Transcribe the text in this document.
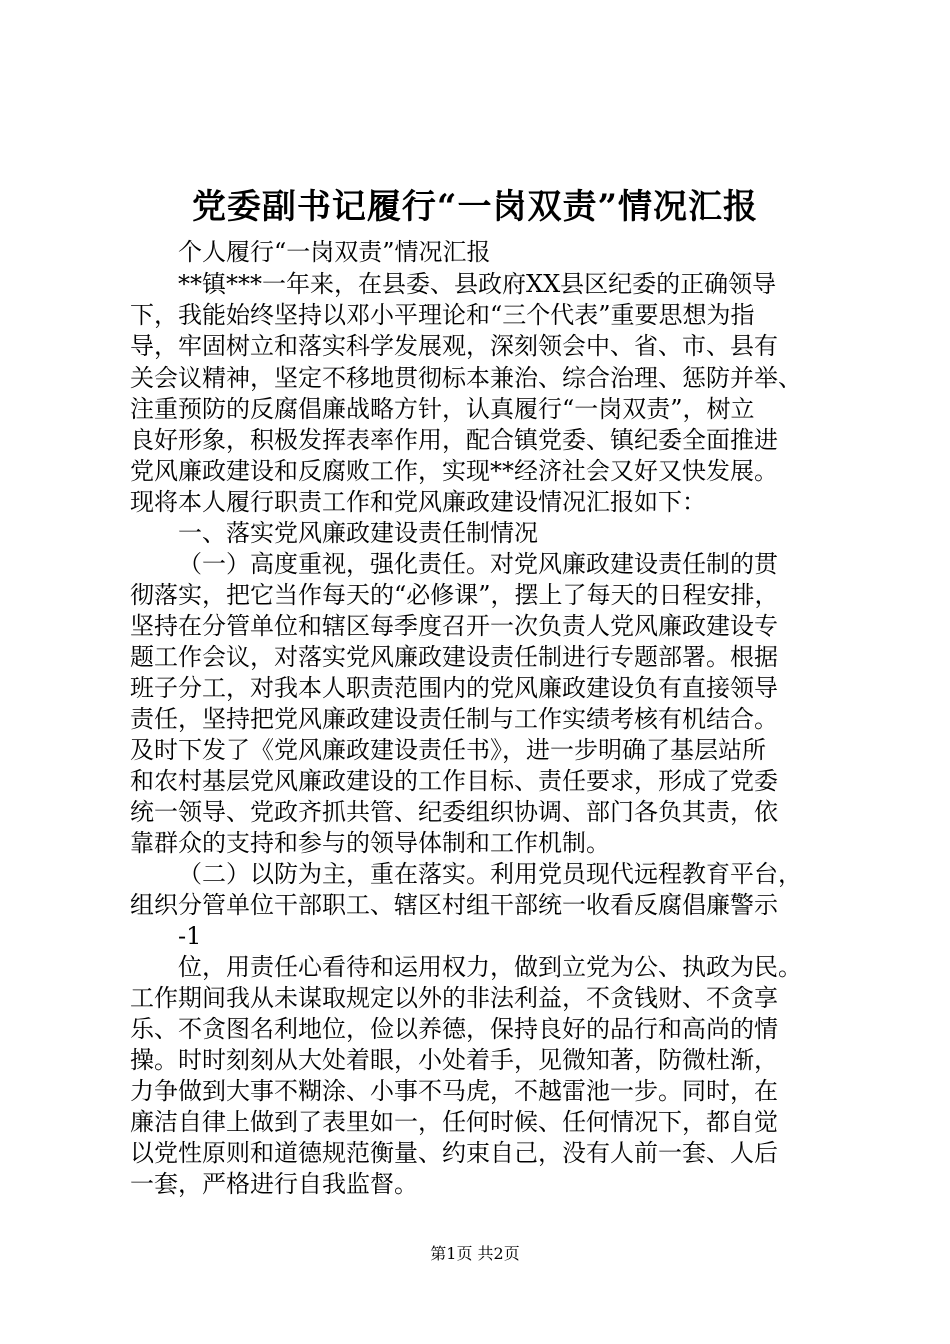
党委副书记履行“一岗双责”情况汇报
个人履行“一岗双责”情况汇报
**镇***一年来，在县委、县政府XX县区纪委的正确领导
下，我能始终坚持以邓小平理论和“三个代表”重要思想为指
导，牢固树立和落实科学发展观，深刻领会中、省、市、县有
关会议精神，坚定不移地贯彻标本兼治、综合治理、惩防并举、
注重预防的反腐倡廉战略方针，认真履行“一岗双责”，树立
良好形象，积极发挥表率作用，配合镇党委、镇纪委全面推进
党风廉政建设和反腐败工作，实现**经济社会又好又快发展。
现将本人履行职责工作和党风廉政建设情况汇报如下：
一、落实党风廉政建设责任制情况
（一）高度重视，强化责任。对党风廉政建设责任制的贯
彻落实，把它当作每天的“必修课”，摆上了每天的日程安排，
坚持在分管单位和辖区每季度召开一次负责人党风廉政建设专
题工作会议，对落实党风廉政建设责任制进行专题部署。根据
班子分工，对我本人职责范围内的党风廉政建设负有直接领导
责任，坚持把党风廉政建设责任制与工作实绩考核有机结合。
及时下发了《党风廉政建设责任书》，进一步明确了基层站所
和农村基层党风廉政建设的工作目标、责任要求，形成了党委
统一领导、党政齐抓共管、纪委组织协调、部门各负其责，依
靠群众的支持和参与的领导体制和工作机制。
（二）以防为主，重在落实。利用党员现代远程教育平台，
组织分管单位干部职工、辖区村组干部统一收看反腐倡廉警示
-1
位，用责任心看待和运用权力，做到立党为公、执政为民。
工作期间我从未谋取规定以外的非法利益，不贪钱财、不贪享
乐、不贪图名利地位，俭以养德，保持良好的品行和高尚的情
操。时时刻刻从大处着眼，小处着手，见微知著，防微杜渐，
力争做到大事不糊涂、小事不马虎，不越雷池一步。同时，在
廉洁自律上做到了表里如一，任何时候、任何情况下，都自觉
以党性原则和道德规范衡量、约束自己，没有人前一套、人后
一套，严格进行自我监督。
第1页 共2页
